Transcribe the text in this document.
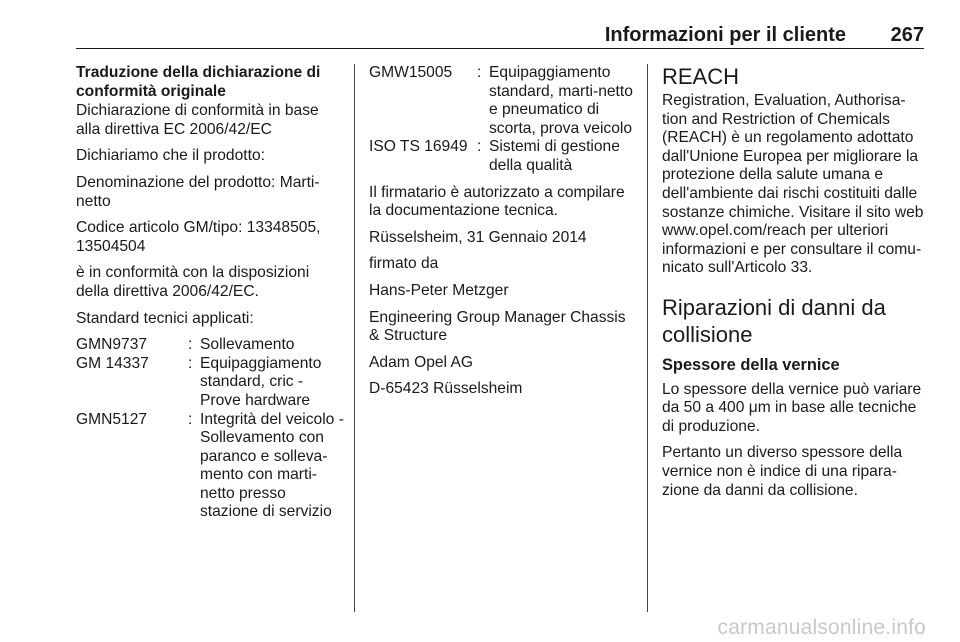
Informazioni per il cliente 267

Traduzione della dichiarazione di conformità originale

Dichiarazione di conformità in base alla direttiva EC 2006/42/EC

Dichiariamo che il prodotto:

Denominazione del prodotto: Marti-netto

Codice articolo GM/tipo: 13348505, 13504504

è in conformità con la disposizioni della direttiva 2006/42/EC.

Standard tecnici applicati:

GMN9737	: Sollevamento
GM 14337	: Equipaggiamento standard, cric - Prove hardware
GMN5127	: Integrità del veicolo - Sollevamento con paranco e solleva-mento con marti-netto presso stazione di servizio
GMW15005	: Equipaggiamento standard, marti-netto e pneumatico di scorta, prova veicolo
ISO TS 16949 : Sistemi di gestione della qualità

Il firmatario è autorizzato a compilare la documentazione tecnica.

Rüsselsheim, 31 Gennaio 2014

firmato da

Hans-Peter Metzger

Engineering Group Manager Chassis & Structure

Adam Opel AG

D-65423 Rüsselsheim

REACH

Registration, Evaluation, Authorisa-tion and Restriction of Chemicals (REACH) è un regolamento adottato dall'Unione Europea per migliorare la protezione della salute umana e dell'ambiente dai rischi costituiti dalle sostanze chimiche. Visitare il sito web www.opel.com/reach per ulteriori informazioni e per consultare il comu-nicato sull'Articolo 33.

Riparazioni di danni da collisione

Spessore della vernice

Lo spessore della vernice può variare da 50 a 400 μm in base alle tecniche di produzione.

Pertanto un diverso spessore della vernice non è indice di una ripara-zione da danni da collisione.

carmanualsonline.info
